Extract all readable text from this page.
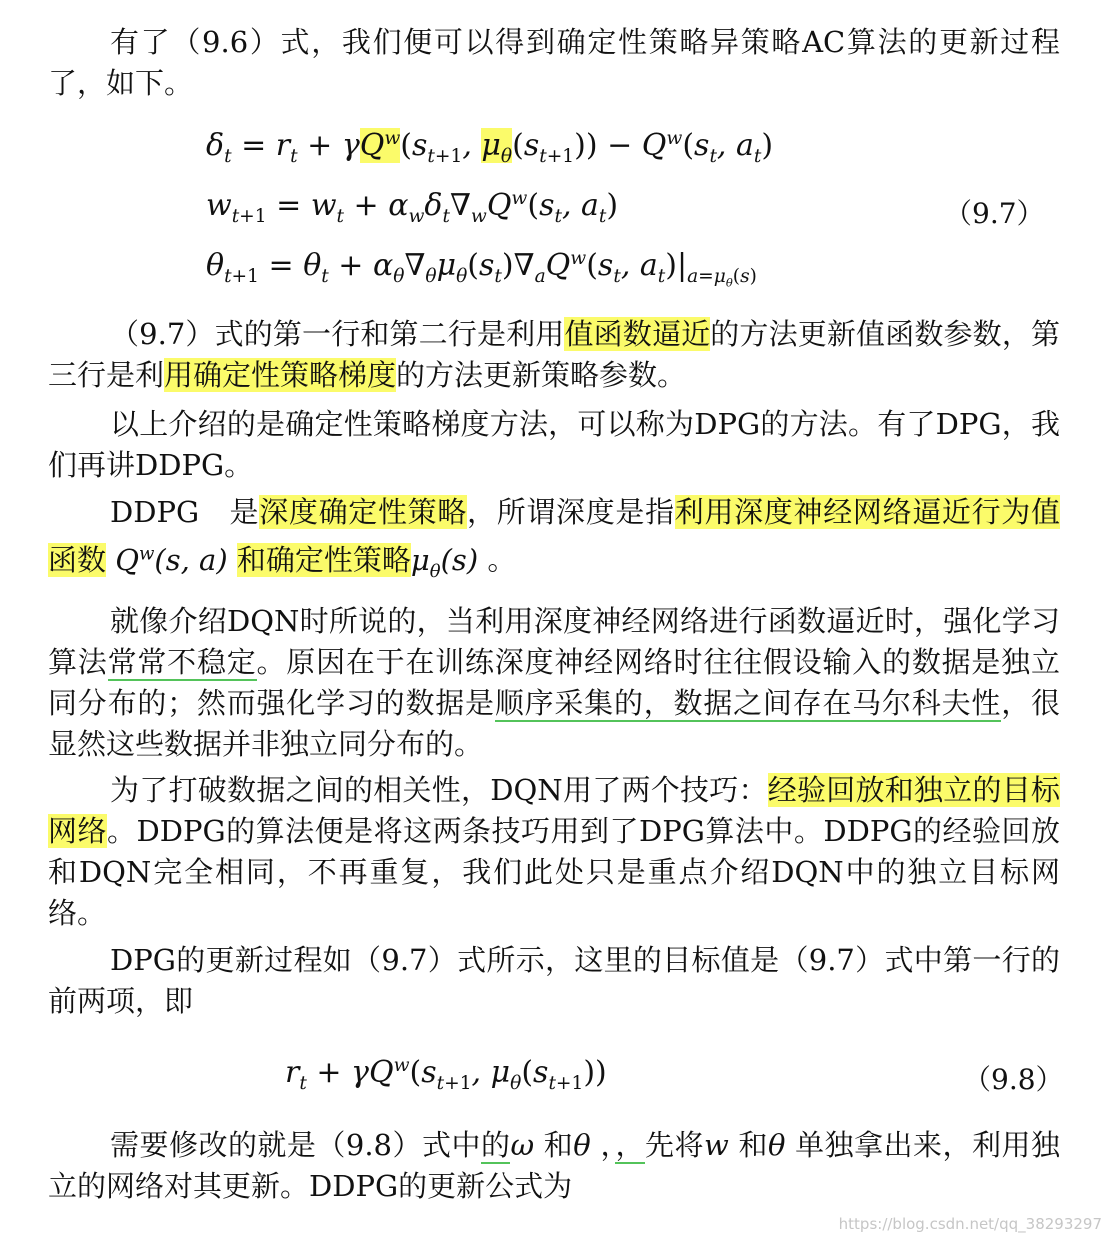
有了（9.6）式，我们便可以得到确定性策略异策略AC算法的更新过程了，如下。

$\delta_t = r_t + \gamma Q^w(s_{t+1}$, $\mu_\theta(s_{t+1})) - Q^w(s_t$, $a_t$)
$w_{t+1} = w_t + \alpha_w\delta_t\nabla_wQ^w(s_t$, $a_t$)	（9.7）
$\theta_{t+1} = \theta_t + \alpha_\theta\nabla_\theta\mu_\theta(s_t)\nabla_aQ^w(s_t$, $a_t)|_{a=\mu_\theta(s)}$

（9.7）式的第一行和第二行是利用值函数逼近的方法更新值函数参数，第三行是利用确定性策略梯度的方法更新策略参数。

以上介绍的是确定性策略梯度方法，可以称为DPG的方法。有了DPG，我们再讲DDPG。

DDPG　是深度确定性策略，所谓深度是指利用深度神经网络逼近行为值函数 $Q^w(s$, a) 和确定性策略$\mu_\theta(s)$ 。

就像介绍DQN时所说的，当利用深度神经网络进行函数逼近时，强化学习算法常常不稳定。原因在于在训练深度神经网络时往往假设输入的数据是独立同分布的；然而强化学习的数据是顺序采集的，数据之间存在马尔科夫性，很显然这些数据并非独立同分布的。

为了打破数据之间的相关性，DQN用了两个技巧：经验回放和独立的目标网络。DDPG的算法便是将这两条技巧用到了DPG算法中。DDPG的经验回放和DQN完全相同，不再重复，我们此处只是重点介绍DQN中的独立目标网络。

DPG的更新过程如（9.7）式所示，这里的目标值是（9.7）式中第一行的前两项，即

$r_t + \gamma Q^w(s_{t+1}$, $\mu_\theta(s_{t+1})$)	（9.8）

需要修改的就是（9.8）式中的ω 和θ ，，先将w 和θ 单独拿出来，利用独立的网络对其更新。DDPG的更新公式为

https://blog.csdn.net/qq_38293297
